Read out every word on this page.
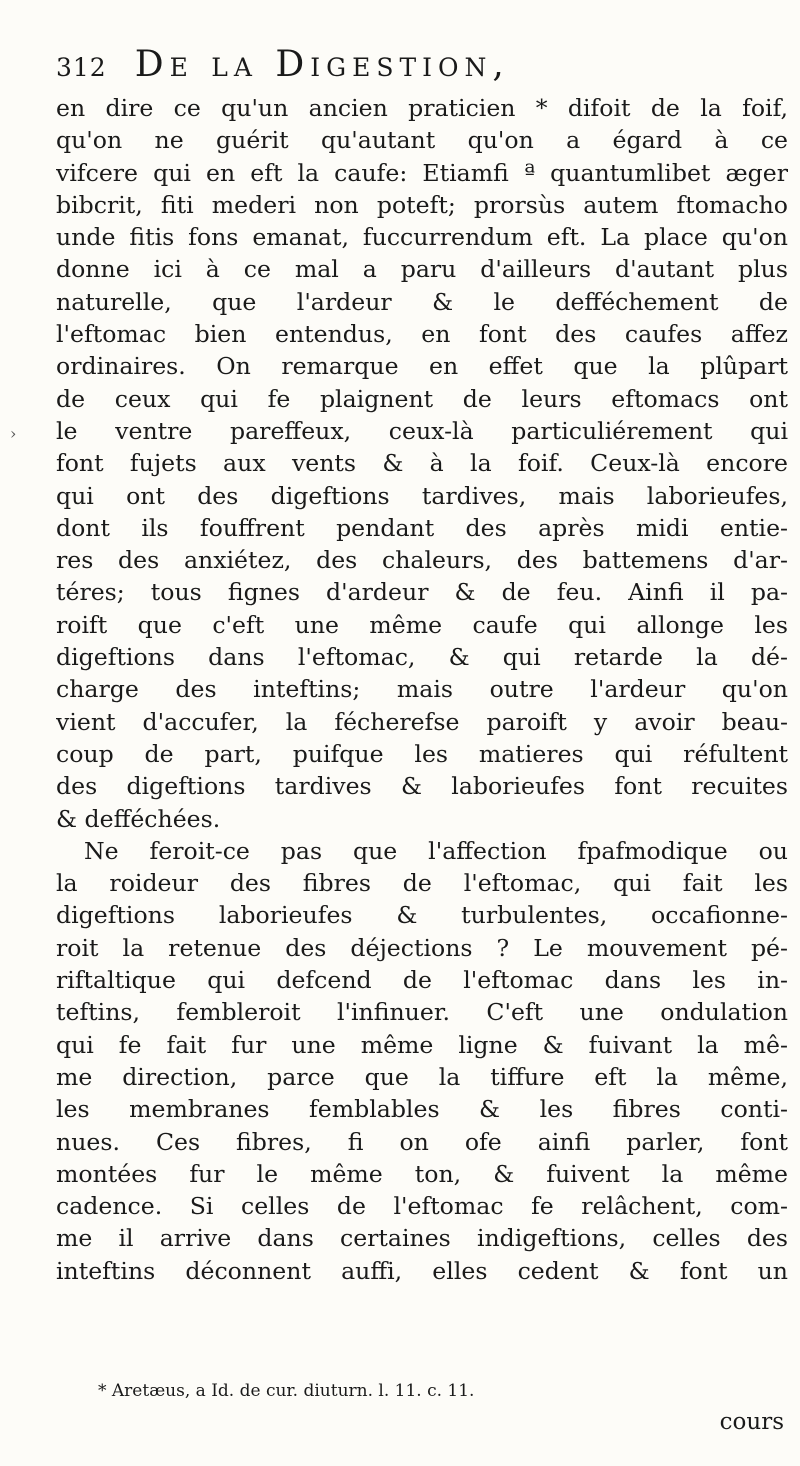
312 De la Digestion,
›
en dire ce qu'un ancien praticien * difoit de la foif,
qu'on ne guérit qu'autant qu'on a égard à ce
vifcere qui en eft la caufe: Etiamfi ª quantumlibet æger
bibcrit, fiti mederi non poteft; prorsùs autem ftomacho
unde fitis fons emanat, fuccurrendum eft. La place qu'on
donne ici à ce mal a paru d'ailleurs d'autant plus
naturelle, que l'ardeur & le defféchement de
l'eftomac bien entendus, en font des caufes affez
ordinaires. On remarque en effet que la plûpart
de ceux qui fe plaignent de leurs eftomacs ont
le ventre pareffeux, ceux-là particuliérement qui
font fujets aux vents & à la foif. Ceux-là encore
qui ont des digeftions tardives, mais laborieufes,
dont ils fouffrent pendant des après midi entie-
res des anxiétez, des chaleurs, des battemens d'ar-
téres; tous fignes d'ardeur & de feu. Ainfi il pa-
roift que c'eft une même caufe qui allonge les
digeftions dans l'eftomac, & qui retarde la dé-
charge des inteftins; mais outre l'ardeur qu'on
vient d'accufer, la fécherefse paroift y avoir beau-
coup de part, puifque les matieres qui réfultent
des digeftions tardives & laborieufes font recuites
& defféchées.
Ne feroit-ce pas que l'affection fpafmodique ou
la roideur des fibres de l'eftomac, qui fait les
digeftions laborieufes & turbulentes, occafionne-
roit la retenue des déjections ? Le mouvement pé-
riftaltique qui defcend de l'eftomac dans les in-
teftins, fembleroit l'infinuer. C'eft une ondulation
qui fe fait fur une même ligne & fuivant la mê-
me direction, parce que la tiffure eft la même,
les membranes femblables & les fibres conti-
nues. Ces fibres, fi on ofe ainfi parler, font
montées fur le même ton, & fuivent la même
cadence. Si celles de l'eftomac fe relâchent, com-
me il arrive dans certaines indigeftions, celles des
inteftins déconnent auffi, elles cedent & font un
* Aretæus, a Id. de cur. diuturn. l. 11. c. 11.
cours
